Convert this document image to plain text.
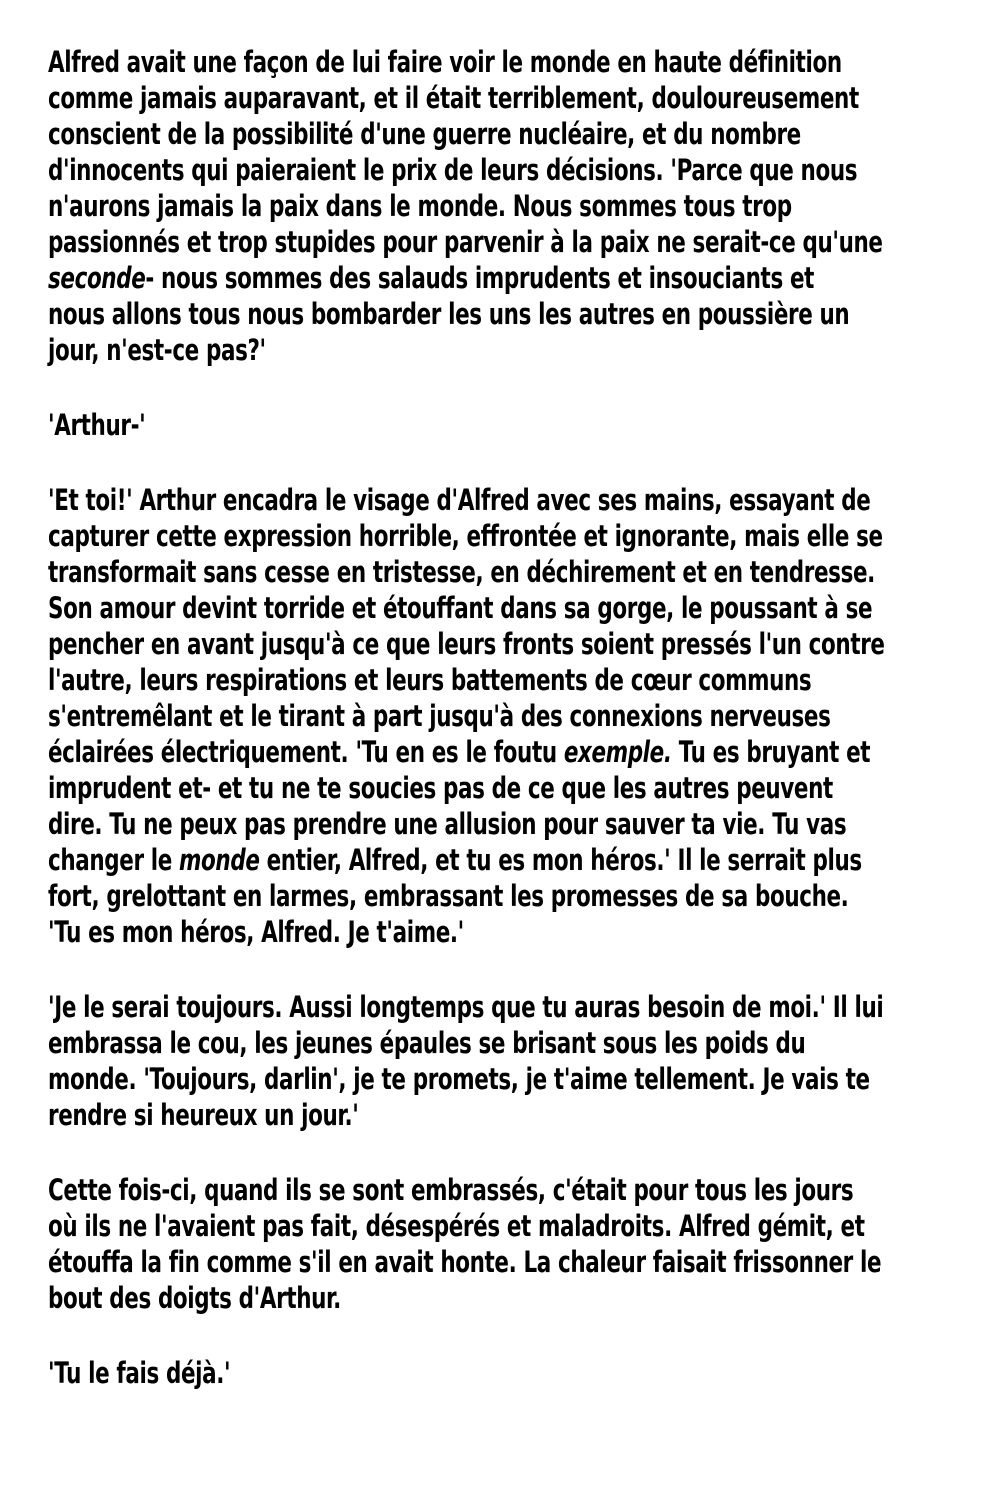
Alfred avait une façon de lui faire voir le monde en haute définition
comme jamais auparavant, et il était terriblement, douloureusement
conscient de la possibilité d'une guerre nucléaire, et du nombre
d'innocents qui paieraient le prix de leurs décisions. 'Parce que nous
n'aurons jamais la paix dans le monde. Nous sommes tous trop
passionnés et trop stupides pour parvenir à la paix ne serait-ce qu'une
seconde- nous sommes des salauds imprudents et insouciants et
nous allons tous nous bombarder les uns les autres en poussière un
jour, n'est-ce pas?'
'Arthur-'
'Et toi!' Arthur encadra le visage d'Alfred avec ses mains, essayant de
capturer cette expression horrible, effrontée et ignorante, mais elle se
transformait sans cesse en tristesse, en déchirement et en tendresse.
Son amour devint torride et étouffant dans sa gorge, le poussant à se
pencher en avant jusqu'à ce que leurs fronts soient pressés l'un contre
l'autre, leurs respirations et leurs battements de cœur communs
s'entremêlant et le tirant à part jusqu'à des connexions nerveuses
éclairées électriquement. 'Tu en es le foutu exemple. Tu es bruyant et
imprudent et- et tu ne te soucies pas de ce que les autres peuvent
dire. Tu ne peux pas prendre une allusion pour sauver ta vie. Tu vas
changer le monde entier, Alfred, et tu es mon héros.' Il le serrait plus
fort, grelottant en larmes, embrassant les promesses de sa bouche.
'Tu es mon héros, Alfred. Je t'aime.'
'Je le serai toujours. Aussi longtemps que tu auras besoin de moi.' Il lui
embrassa le cou, les jeunes épaules se brisant sous les poids du
monde. 'Toujours, darlin', je te promets, je t'aime tellement. Je vais te
rendre si heureux un jour.'
Cette fois-ci, quand ils se sont embrassés, c'était pour tous les jours
où ils ne l'avaient pas fait, désespérés et maladroits. Alfred gémit, et
étouffa la fin comme s'il en avait honte. La chaleur faisait frissonner le
bout des doigts d'Arthur.
'Tu le fais déjà.'
